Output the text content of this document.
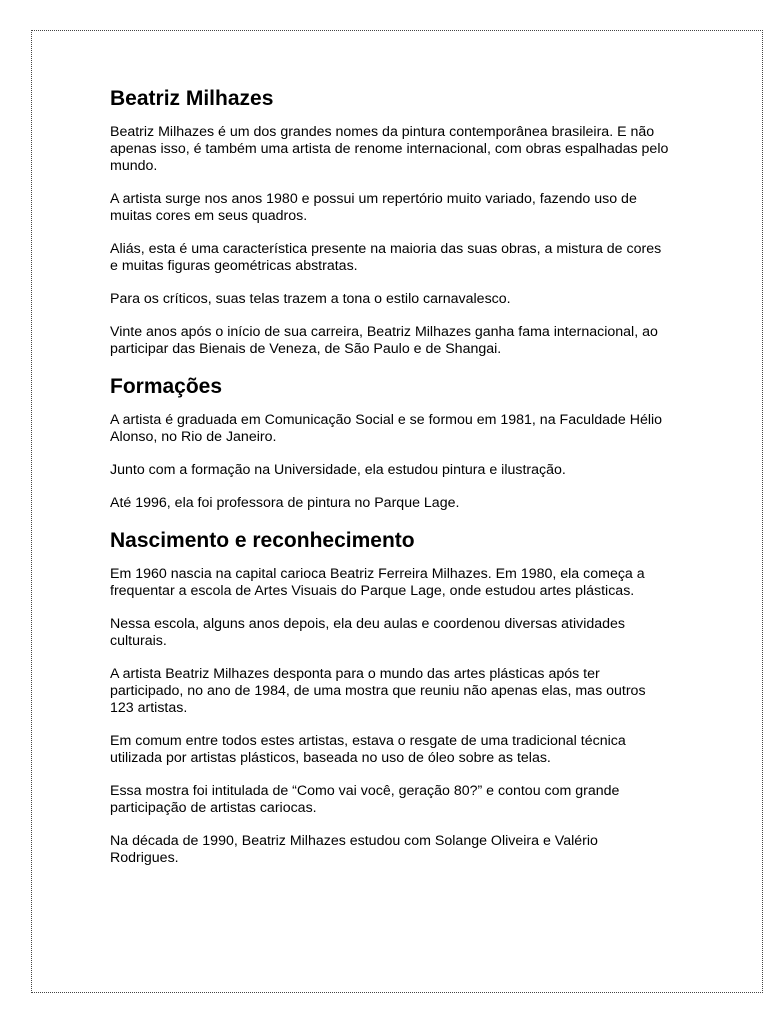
Beatriz Milhazes

Beatriz Milhazes é um dos grandes nomes da pintura contemporânea brasileira. E não apenas isso, é também uma artista de renome internacional, com obras espalhadas pelo mundo.

A artista surge nos anos 1980 e possui um repertório muito variado, fazendo uso de muitas cores em seus quadros.

Aliás, esta é uma característica presente na maioria das suas obras, a mistura de cores e muitas figuras geométricas abstratas.

Para os críticos, suas telas trazem a tona o estilo carnavalesco.

Vinte anos após o início de sua carreira, Beatriz Milhazes ganha fama internacional, ao participar das Bienais de Veneza, de São Paulo e de Shangai.

Formações

A artista é graduada em Comunicação Social e se formou em 1981, na Faculdade Hélio Alonso, no Rio de Janeiro.

Junto com a formação na Universidade, ela estudou pintura e ilustração.

Até 1996, ela foi professora de pintura no Parque Lage.

Nascimento e reconhecimento

Em 1960 nascia na capital carioca Beatriz Ferreira Milhazes. Em 1980, ela começa a frequentar a escola de Artes Visuais do Parque Lage, onde estudou artes plásticas.

Nessa escola, alguns anos depois, ela deu aulas e coordenou diversas atividades culturais.

A artista Beatriz Milhazes desponta para o mundo das artes plásticas após ter participado, no ano de 1984, de uma mostra que reuniu não apenas elas, mas outros 123 artistas.

Em comum entre todos estes artistas, estava o resgate de uma tradicional técnica utilizada por artistas plásticos, baseada no uso de óleo sobre as telas.

Essa mostra foi intitulada de “Como vai você, geração 80?” e contou com grande participação de artistas cariocas.

Na década de 1990, Beatriz Milhazes estudou com Solange Oliveira e Valério Rodrigues.
